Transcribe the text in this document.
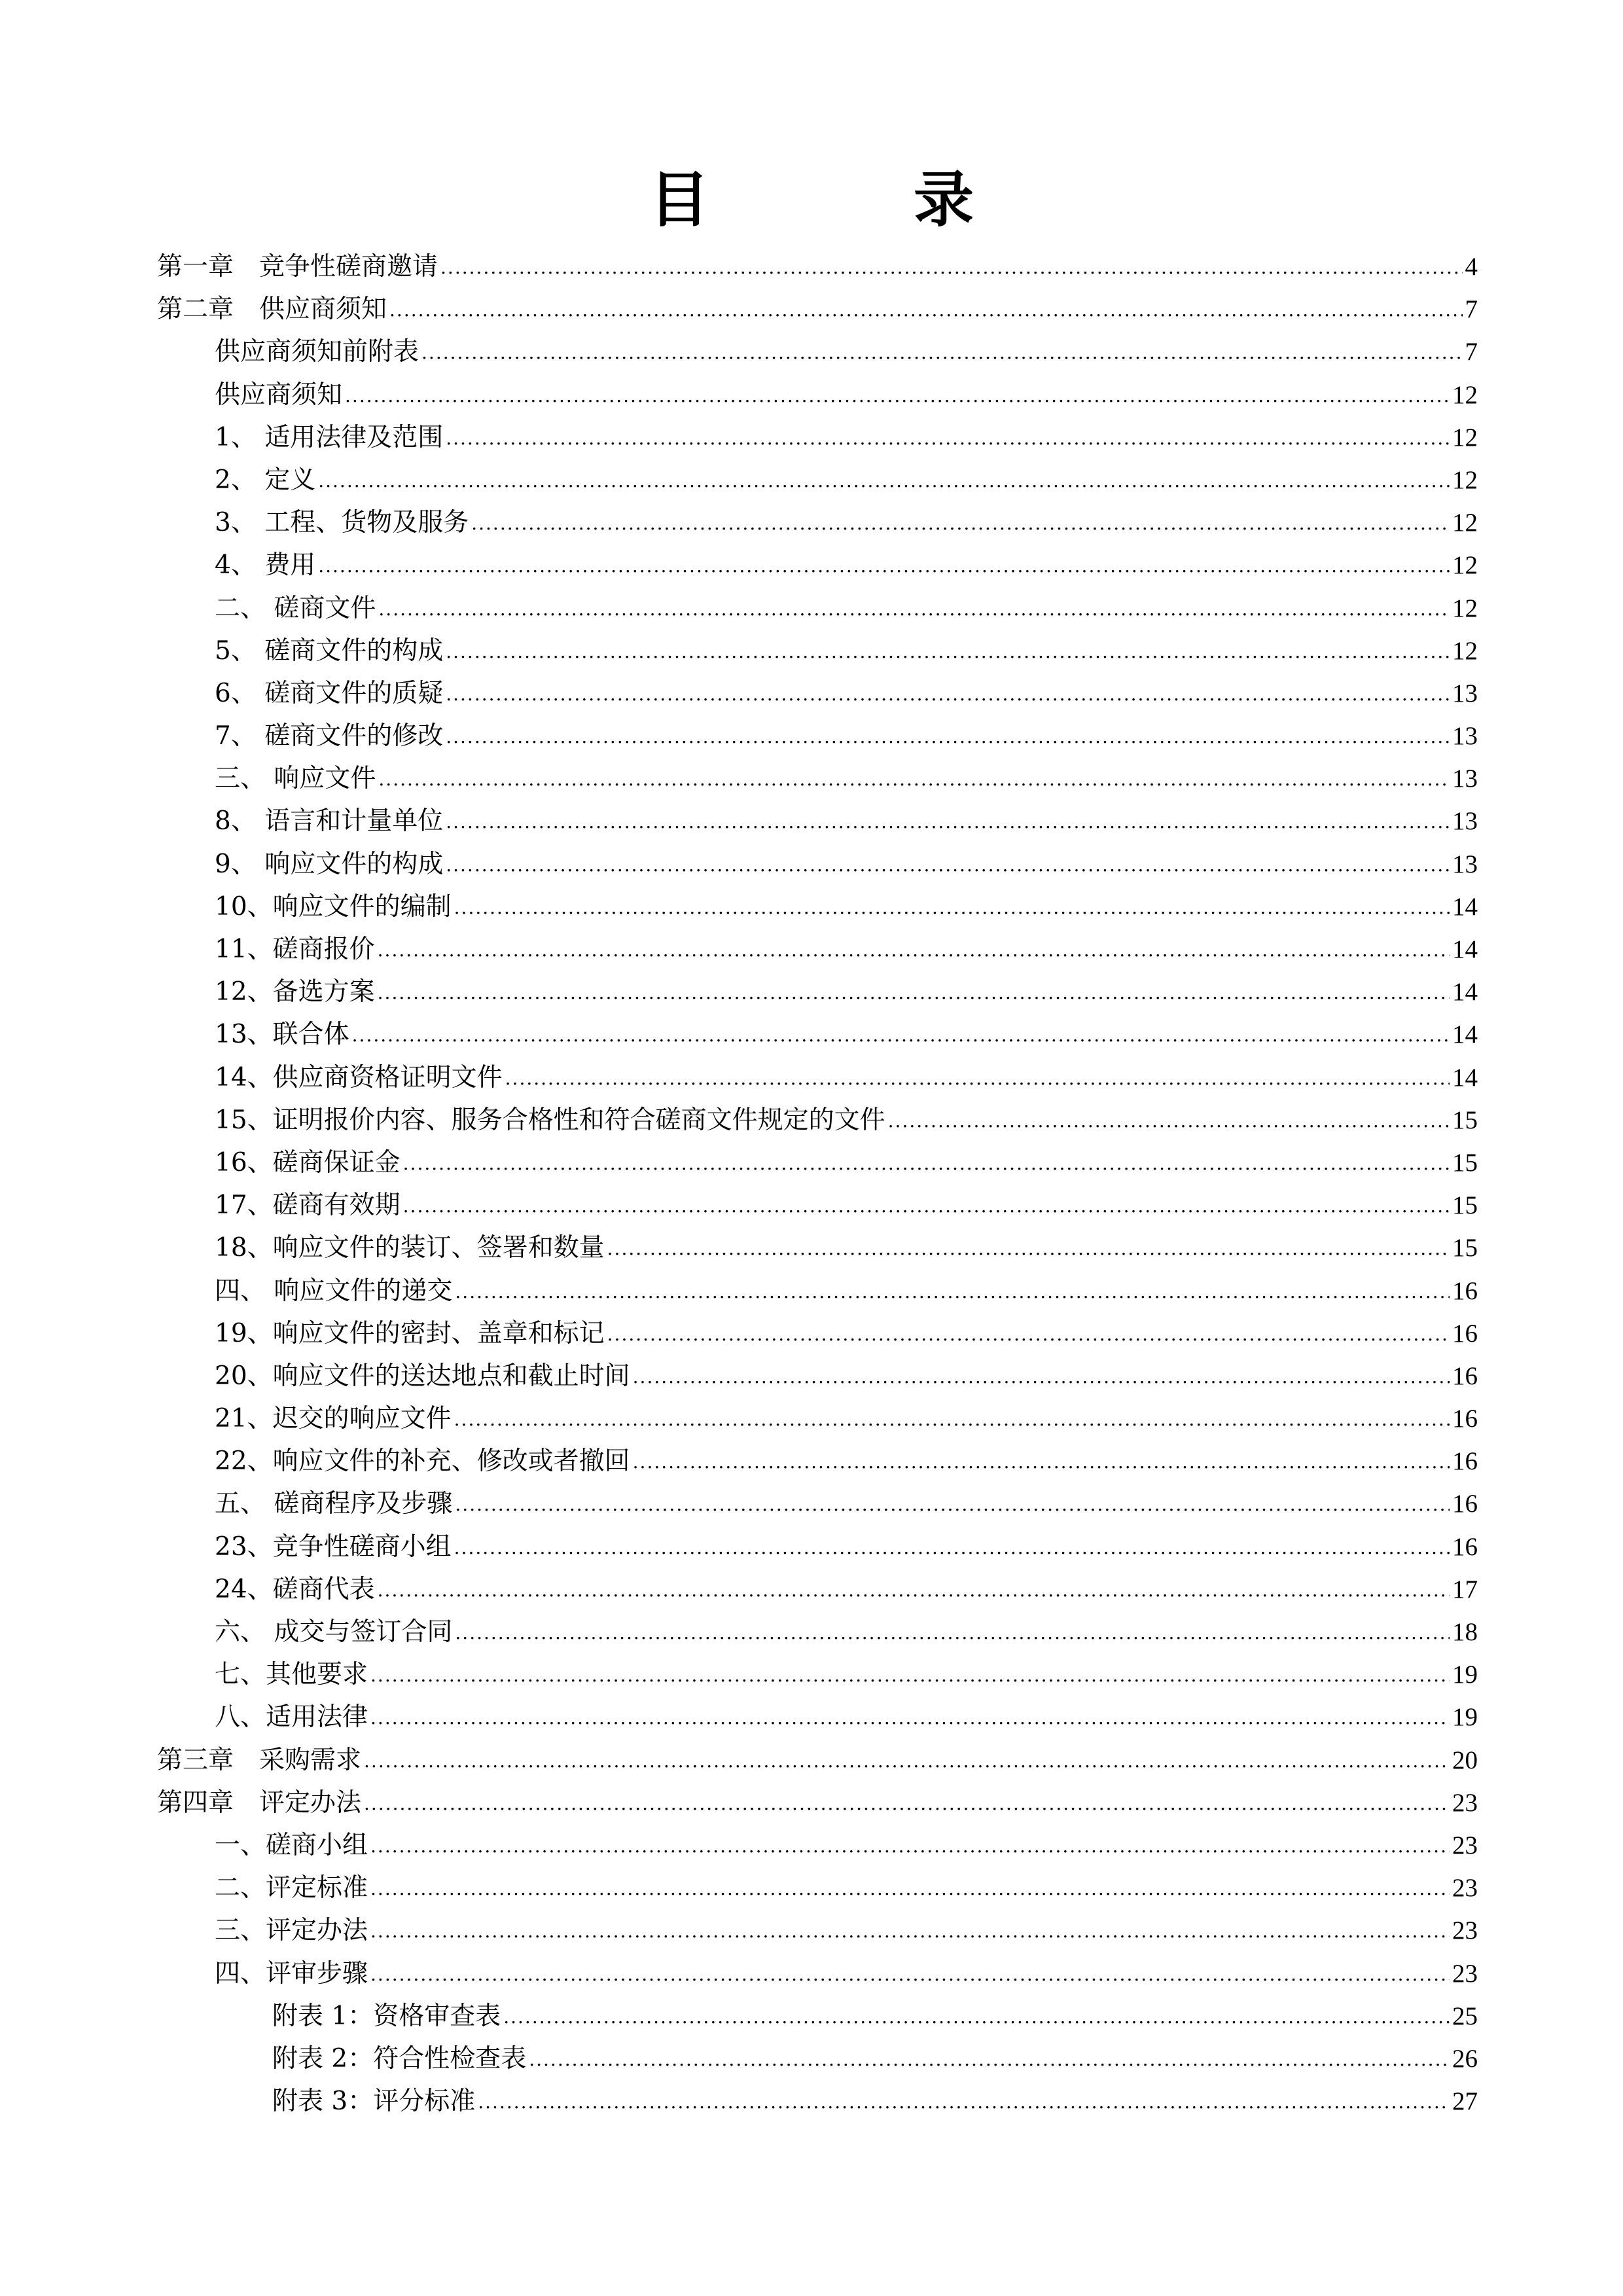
目 录
第一章　竞争性磋商邀请 .....	4
第二章　供应商须知 .....	7
供应商须知前附表 .....	7
供应商须知 .....	12
1、 适用法律及范围 .....	12
2、 定义 .....	12
3、 工程、货物及服务 .....	12
4、 费用 .....	12
二、 磋商文件 .....	12
5、 磋商文件的构成 .....	12
6、 磋商文件的质疑 .....	13
7、 磋商文件的修改 .....	13
三、 响应文件 .....	13
8、 语言和计量单位 .....	13
9、 响应文件的构成 .....	13
10、响应文件的编制 .....	14
11、磋商报价 .....	14
12、备选方案 .....	14
13、联合体 .....	14
14、供应商资格证明文件 .....	14
15、证明报价内容、服务合格性和符合磋商文件规定的文件 .....	15
16、磋商保证金 .....	15
17、磋商有效期 .....	15
18、响应文件的装订、签署和数量 .....	15
四、 响应文件的递交 .....	16
19、响应文件的密封、盖章和标记 .....	16
20、响应文件的送达地点和截止时间 .....	16
21、迟交的响应文件 .....	16
22、响应文件的补充、修改或者撤回 .....	16
五、 磋商程序及步骤 .....	16
23、竞争性磋商小组 .....	16
24、磋商代表 .....	17
六、 成交与签订合同 .....	18
七、其他要求 .....	19
八、适用法律 .....	19
第三章　采购需求 .....	20
第四章　评定办法 .....	23
一、磋商小组 .....	23
二、评定标准 .....	23
三、评定办法 .....	23
四、评审步骤 .....	23
附表 1：资格审查表 .....	25
附表 2：符合性检查表 .....	26
附表 3：评分标准 .....	27
